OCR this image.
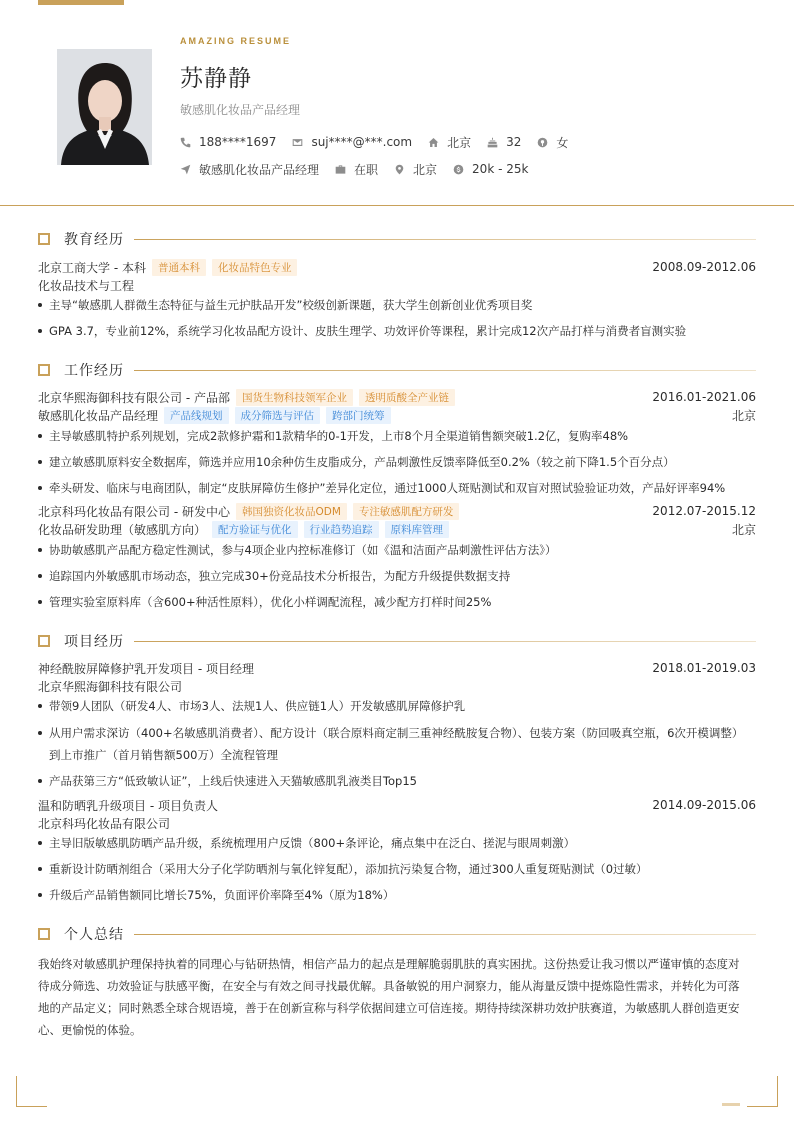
AMAZING RESUME
苏静静
敏感肌化妆品产品经理
188****1697	suj****@***.com	北京	32	女
敏感肌化妆品产品经理	在职	北京	20k - 25k
教育经历
北京工商大学 - 本科	普通本科	化妆品特色专业	2008.09-2012.06
化妆品技术与工程
主导“敏感肌人群微生态特征与益生元护肤品开发”校级创新课题，获大学生创新创业优秀项目奖
GPA 3.7，专业前12%，系统学习化妆品配方设计、皮肤生理学、功效评价等课程，累计完成12次产品打样与消费者盲测实验
工作经历
北京华熙海御科技有限公司 - 产品部	国货生物科技领军企业	透明质酸全产业链	2016.01-2021.06
敏感肌化妆品产品经理	产品线规划	成分筛选与评估	跨部门统筹	北京
主导敏感肌特护系列规划，完成2款修护霜和1款精华的0-1开发，上市8个月全渠道销售额突破1.2亿，复购率48%
建立敏感肌原料安全数据库，筛选并应用10余种仿生皮脂成分，产品刺激性反馈率降低至0.2%（较之前下降1.5个百分点）
牵头研发、临床与电商团队，制定“皮肤屏障仿生修护”差异化定位，通过1000人斑贴测试和双盲对照试验验证功效，产品好评率94%
北京科玛化妆品有限公司 - 研发中心	韩国独资化妆品ODM	专注敏感肌配方研发	2012.07-2015.12
化妆品研发助理（敏感肌方向）	配方验证与优化	行业趋势追踪	原料库管理	北京
协助敏感肌产品配方稳定性测试，参与4项企业内控标准修订（如《温和洁面产品刺激性评估方法》）
追踪国内外敏感肌市场动态，独立完成30+份竞品技术分析报告，为配方升级提供数据支持
管理实验室原料库（含600+种活性原料），优化小样调配流程，减少配方打样时间25%
项目经历
神经酰胺屏障修护乳开发项目 - 项目经理	2018.01-2019.03
北京华熙海御科技有限公司
带领9人团队（研发4人、市场3人、法规1人、供应链1人）开发敏感肌屏障修护乳
从用户需求深访（400+名敏感肌消费者）、配方设计（联合原料商定制三重神经酰胺复合物）、包装方案（防回吸真空瓶，6次开模调整）到上市推广（首月销售额500万）全流程管理
产品获第三方“低致敏认证”，上线后快速进入天猫敏感肌乳液类目Top15
温和防晒乳升级项目 - 项目负责人	2014.09-2015.06
北京科玛化妆品有限公司
主导旧版敏感肌防晒产品升级，系统梳理用户反馈（800+条评论，痛点集中在泛白、搓泥与眼周刺激）
重新设计防晒剂组合（采用大分子化学防晒剂与氧化锌复配），添加抗污染复合物，通过300人重复斑贴测试（0过敏）
升级后产品销售额同比增长75%，负面评价率降至4%（原为18%）
个人总结
我始终对敏感肌护理保持执着的同理心与钻研热情，相信产品力的起点是理解脆弱肌肤的真实困扰。这份热爱让我习惯以严谨审慎的态度对待成分筛选、功效验证与肤感平衡，在安全与有效之间寻找最优解。具备敏锐的用户洞察力，能从海量反馈中提炼隐性需求，并转化为可落地的产品定义；同时熟悉全球合规语境，善于在创新宣称与科学依据间建立可信连接。期待持续深耕功效护肤赛道，为敏感肌人群创造更安心、更愉悦的体验。
